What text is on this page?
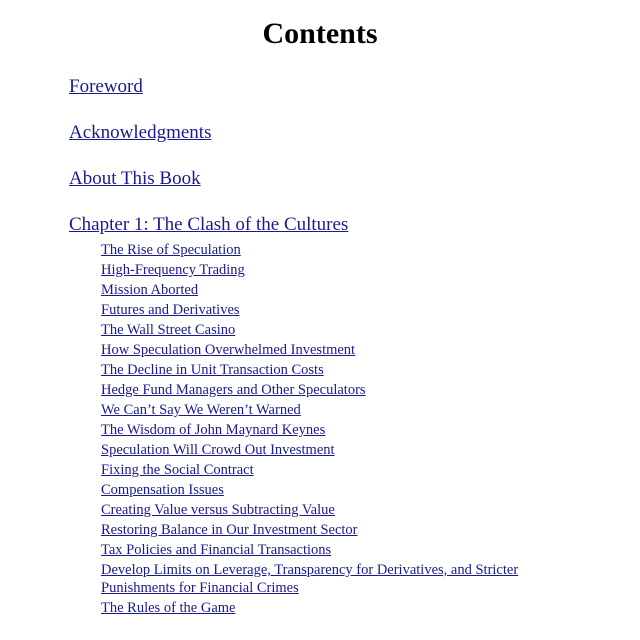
Contents
Foreword
Acknowledgments
About This Book
Chapter 1: The Clash of the Cultures
The Rise of Speculation
High-Frequency Trading
Mission Aborted
Futures and Derivatives
The Wall Street Casino
How Speculation Overwhelmed Investment
The Decline in Unit Transaction Costs
Hedge Fund Managers and Other Speculators
We Can’t Say We Weren’t Warned
The Wisdom of John Maynard Keynes
Speculation Will Crowd Out Investment
Fixing the Social Contract
Compensation Issues
Creating Value versus Subtracting Value
Restoring Balance in Our Investment Sector
Tax Policies and Financial Transactions
Develop Limits on Leverage, Transparency for Derivatives, and Stricter
Punishments for Financial Crimes
The Rules of the Game
